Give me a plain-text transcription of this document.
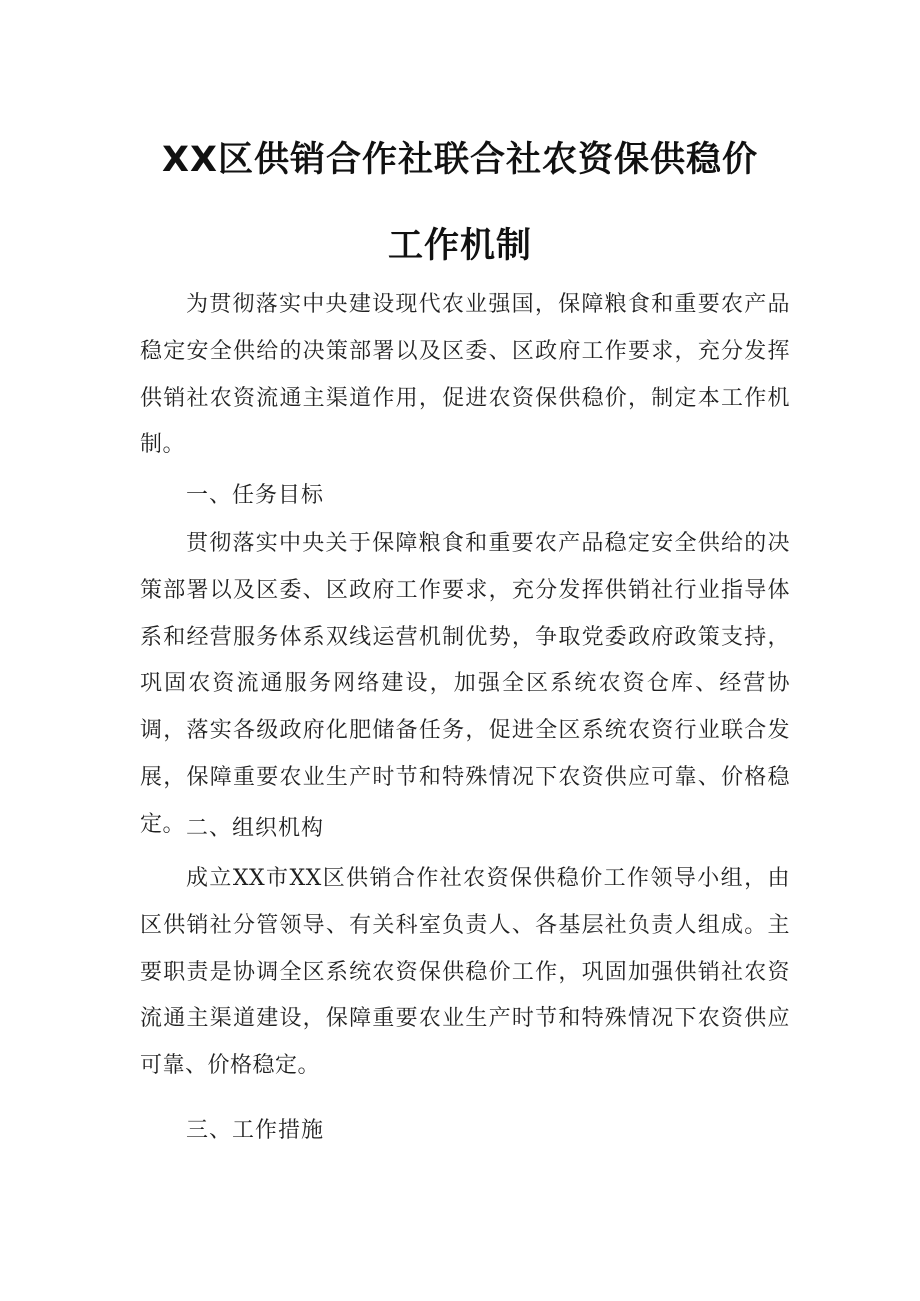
XX区供销合作社联合社农资保供稳价
工作机制

为贯彻落实中央建设现代农业强国，保障粮食和重要农产品稳定安全供给的决策部署以及区委、区政府工作要求，充分发挥供销社农资流通主渠道作用，促进农资保供稳价，制定本工作机制。

一、任务目标

贯彻落实中央关于保障粮食和重要农产品稳定安全供给的决策部署以及区委、区政府工作要求，充分发挥供销社行业指导体系和经营服务体系双线运营机制优势，争取党委政府政策支持，巩固农资流通服务网络建设，加强全区系统农资仓库、经营协调，落实各级政府化肥储备任务，促进全区系统农资行业联合发展，保障重要农业生产时节和特殊情况下农资供应可靠、价格稳定。 二、组织机构

成立XX市XX区供销合作社农资保供稳价工作领导小组，由区供销社分管领导、有关科室负责人、各基层社负责人组成。主要职责是协调全区系统农资保供稳价工作，巩固加强供销社农资流通主渠道建设，保障重要农业生产时节和特殊情况下农资供应可靠、价格稳定。

三、工作措施
